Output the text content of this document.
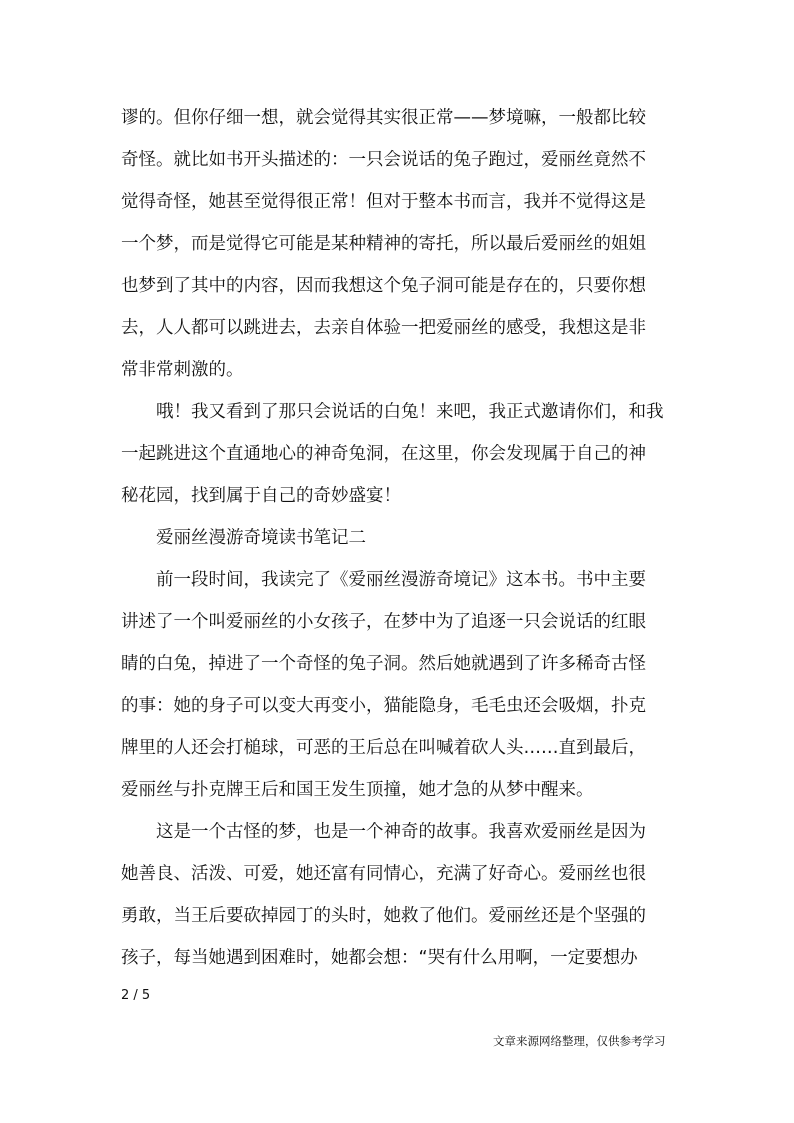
谬的。但你仔细一想，就会觉得其实很正常——梦境嘛，一般都比较
奇怪。就比如书开头描述的：一只会说话的兔子跑过，爱丽丝竟然不
觉得奇怪，她甚至觉得很正常！但对于整本书而言，我并不觉得这是
一个梦，而是觉得它可能是某种精神的寄托，所以最后爱丽丝的姐姐
也梦到了其中的内容，因而我想这个兔子洞可能是存在的，只要你想
去，人人都可以跳进去，去亲自体验一把爱丽丝的感受，我想这是非
常非常刺激的。
　　哦！我又看到了那只会说话的白兔！来吧，我正式邀请你们，和我
一起跳进这个直通地心的神奇兔洞，在这里，你会发现属于自己的神
秘花园，找到属于自己的奇妙盛宴！
　　爱丽丝漫游奇境读书笔记二
　　前一段时间，我读完了《爱丽丝漫游奇境记》这本书。书中主要
讲述了一个叫爱丽丝的小女孩子，在梦中为了追逐一只会说话的红眼
睛的白兔，掉进了一个奇怪的兔子洞。然后她就遇到了许多稀奇古怪
的事：她的身子可以变大再变小，猫能隐身，毛毛虫还会吸烟，扑克
牌里的人还会打槌球，可恶的王后总在叫喊着砍人头……直到最后，
爱丽丝与扑克牌王后和国王发生顶撞，她才急的从梦中醒来。
　　这是一个古怪的梦，也是一个神奇的故事。我喜欢爱丽丝是因为
她善良、活泼、可爱，她还富有同情心，充满了好奇心。爱丽丝也很
勇敢，当王后要砍掉园丁的头时，她救了他们。爱丽丝还是个坚强的
孩子，每当她遇到困难时，她都会想：“哭有什么用啊，一定要想办
2 / 5
文章来源网络整理，仅供参考学习
